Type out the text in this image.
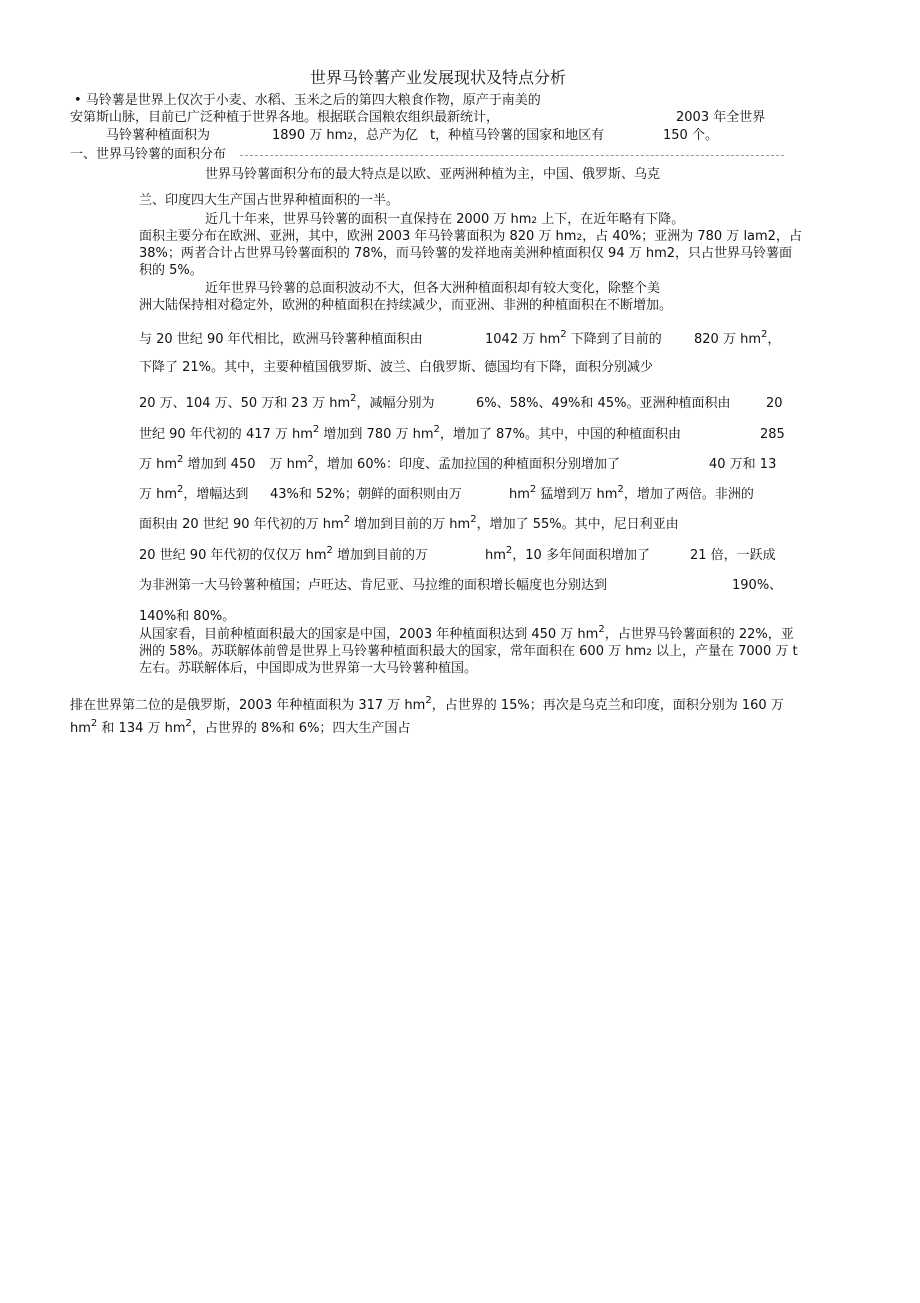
世界马铃薯产业发展现状及特点分析
• 马铃薯是世界上仅次于小麦、水稻、玉米之后的第四大粮食作物，原产于南美的
安第斯山脉，目前已广泛种植于世界各地。根据联合国粮农组织最新统计，	2003 年全世界
马铃薯种植面积为	1890 万 hm2，总产为亿 t，种植马铃薯的国家和地区有	150 个。
一、世界马铃薯的面积分布
世界马铃薯面积分布的最大特点是以欧、亚两洲种植为主，中国、俄罗斯、乌克
兰、印度四大生产国占世界种植面积的一半。
近几十年来，世界马铃薯的面积一直保持在 2000 万 hm2 上下，在近年略有下降。
面积主要分布在欧洲、亚洲，其中，欧洲 2003 年马铃薯面积为 820 万 hm2，占 40%；亚洲为 780 万 lam2，占
38%；两者合计占世界马铃薯面积的 78%，而马铃薯的发祥地南美洲种植面积仅 94 万 hm2，只占世界马铃薯面
积的 5%。
近年世界马铃薯的总面积波动不大，但各大洲种植面积却有较大变化，除整个美
洲大陆保持相对稳定外，欧洲的种植面积在持续减少，而亚洲、非洲的种植面积在不断增加。
与 20 世纪 90 年代相比，欧洲马铃薯种植面积由	1042 万 $hm^2$ 下降到了目前的 820 万 $hm^2$，
下降了 21%。其中，主要种植国俄罗斯、波兰、白俄罗斯、德国均有下降，面积分别减少
20 万、104 万、50 万和 23 万 $hm^2$，减幅分别为	6%、58%、49%和 45%。亚洲种植面积由	20
世纪 90 年代初的 417 万 $hm^2$ 增加到 780 万 $hm^2$，增加了 87%。其中，中国的种植面积由	285
万 $hm^2$ 增加到 450 万 $hm^2$，增加 60%：印度、孟加拉国的种植面积分别增加了	40 万和 13
万 $hm^2$，增幅达到 43%和 52%；朝鲜的面积则由万	$hm^2$ 猛增到万 $hm^2$，增加了两倍。非洲的
面积由 20 世纪 90 年代初的万 $hm^2$ 增加到目前的万 $hm^2$，增加了 55%。其中，尼日利亚由
20 世纪 90 年代初的仅仅万 $hm^2$ 增加到目前的万	$hm^2$，10 多年间面积增加了	21 倍，一跃成
为非洲第一大马铃薯种植国；卢旺达、肯尼亚、马拉维的面积增长幅度也分别达到	190%、
140%和 80%。
从国家看，目前种植面积最大的国家是中国，2003 年种植面积达到 450 万 $hm^2$，占世界马铃薯面积的 22%，亚
洲的 58%。苏联解体前曾是世界上马铃薯种植面积最大的国家，常年面积在 600 万 hm2 以上，产量在 7000 万 t
左右。苏联解体后，中国即成为世界第一大马铃薯种植国。
排在世界第二位的是俄罗斯，2003 年种植面积为 317 万 $hm^2$，占世界的 15%；再次是乌克兰和印度，面积分别为 160 万
$hm^2$ 和 134 万 $hm^2$，占世界的 8%和 6%；四大生产国占
